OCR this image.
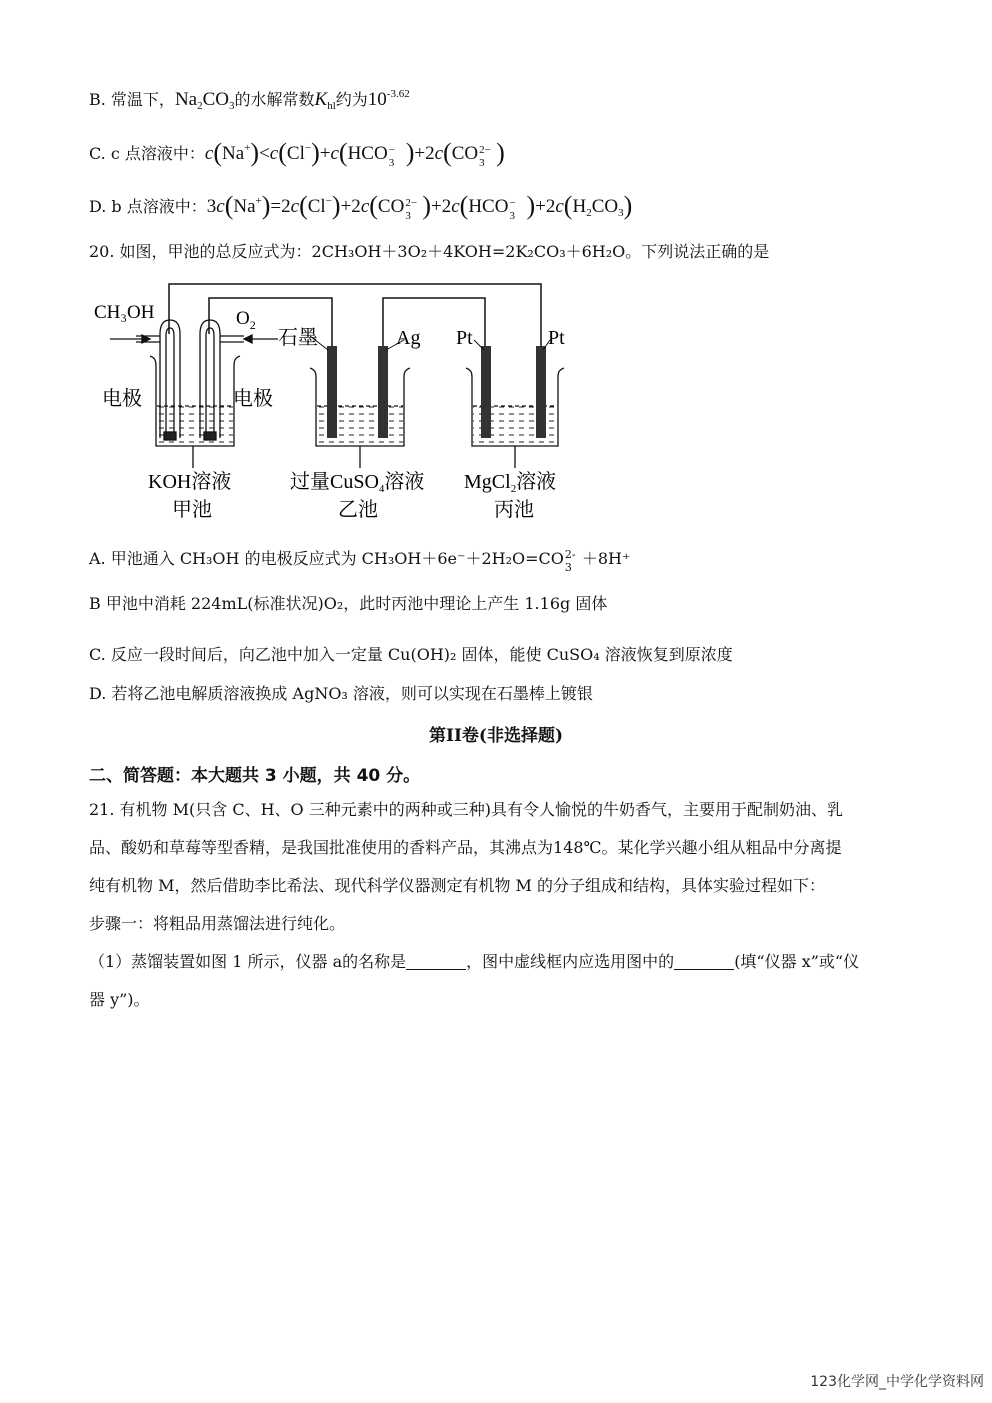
B. 常温下，$Na_2CO_3$的水解常数$K_{hl}$约为$10^{-3.62}$
C. c 点溶液中：c(Na+)<c(Cl−)+c(HCO −
3 )+2c(CO 2−
3 )
D. b 点溶液中：3c(Na+)=2c(Cl−)+2c(CO 2−
3 )+2c(HCO −
3 )$+2c(H_2CO_3)$
20. 如图，甲池的总反应式为：2CH₃OH＋3O₂＋4KOH=2K₂CO₃＋6H₂O。下列说法正确的是
CH₃OH	$O_2$
电极	电极
石墨	Ag Pt	Pt
KOH溶液
甲池
过量CuSO$_4$溶液
乙池
MgCl$_2$溶液
丙池
A. 甲池通入 CH₃OH 的电极反应式为 CH₃OH＋6e⁻＋2H₂O=CO 2-
3 ＋8H⁺
B 甲池中消耗 224mL(标准状况)O₂，此时丙池中理论上产生 1.16g 固体
C. 反应一段时间后，向乙池中加入一定量 Cu(OH)₂ 固体，能使 CuSO₄ 溶液恢复到原浓度
D. 若将乙池电解质溶液换成 AgNO₃ 溶液，则可以实现在石墨棒上镀银
第II卷(非选择题)
二、简答题：本大题共 3 小题，共 40 分。
21. 有机物 M(只含 C、H、O 三种元素中的两种或三种)具有令人愉悦的牛奶香气，主要用于配制奶油、乳
品、酸奶和草莓等型香精，是我国批准使用的香料产品，其沸点为148℃。某化学兴趣小组从粗品中分离提
纯有机物 M，然后借助李比希法、现代科学仪器测定有机物 M 的分子组成和结构，具体实验过程如下：
步骤一：将粗品用蒸馏法进行纯化。
（1）蒸馏装置如图 1 所示，仪器 a的名称是	，图中虚线框内应选用图中的	(填“仪器 x”或“仪
器 y”)。
123化学网_中学化学资料网
